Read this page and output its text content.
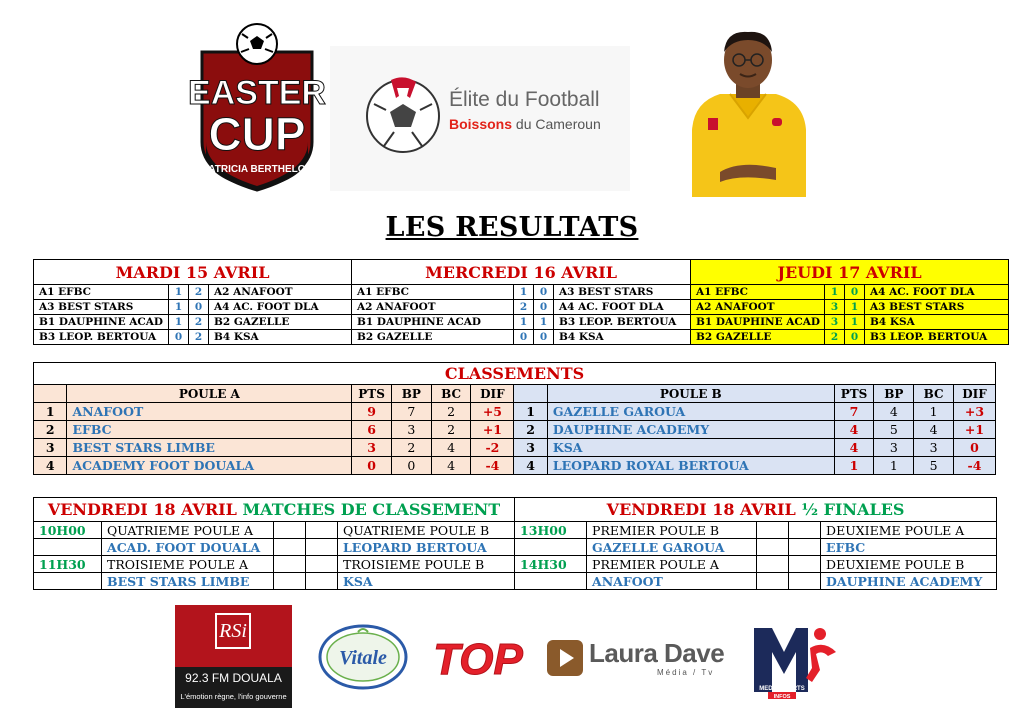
EASTER
CUP
PATRICIA BERTHELOT
Élite du Football
Boissons du Cameroun
LES RESULTATS
MARDI 15 AVRIL				MERCREDI 16 AVRIL				JEUDI 17 AVRIL			
A1 EFBC	1	2	A2 ANAFOOT	A1 EFBC	1	0	A3 BEST STARS	A1 EFBC	1	0	A4 AC. FOOT DLA
A3 BEST STARS	1	0	A4 AC. FOOT DLA	A2 ANAFOOT	2	0	A4 AC. FOOT DLA	A2 ANAFOOT	3	1	A3 BEST STARS
B1 DAUPHINE ACAD	1	2	B2 GAZELLE	B1 DAUPHINE ACAD	1	1	B3 LEOP. BERTOUA	B1 DAUPHINE ACAD	3	1	B4 KSA
B3 LEOP. BERTOUA	0	2	B4 KSA	B2 GAZELLE	0	0	B4 KSA	B2 GAZELLE	2	0	B3 LEOP. BERTOUA
CLASSEMENTS											
	POULE A	PTS	BP	BC	DIF		POULE B	PTS	BP	BC	DIF
1	ANAFOOT	9	7	2	+5	1	GAZELLE GAROUA	7	4	1	+3
2	EFBC	6	3	2	+1	2	DAUPHINE ACADEMY	4	5	4	+1
3	BEST STARS LIMBE	3	2	4	-2	3	KSA	4	3	3	0
4	ACADEMY FOOT DOUALA	0	0	4	-4	4	LEOPARD ROYAL BERTOUA	1	1	5	-4
VENDREDI 18 AVRIL MATCHES DE CLASSEMENT					VENDREDI 18 AVRIL ½ FINALES				
10H00	QUATRIEME POULE A			QUATRIEME POULE B	13H00	PREMIER POULE B			DEUXIEME POULE A
	ACAD. FOOT DOUALA			LEOPARD BERTOUA		GAZELLE GAROUA			EFBC
11H30	TROISIEME POULE A			TROISIEME POULE B	14H30	PREMIER POULE A			DEUXIEME POULE B
	BEST STARS LIMBE			KSA		ANAFOOT			DAUPHINE ACADEMY
RSi
92.3 FM DOUALA
L'émotion règne, l'info gouverne
Vitale TOP	Laura Dave
Média / Tv
MEDIA SPORTS
INFOS
